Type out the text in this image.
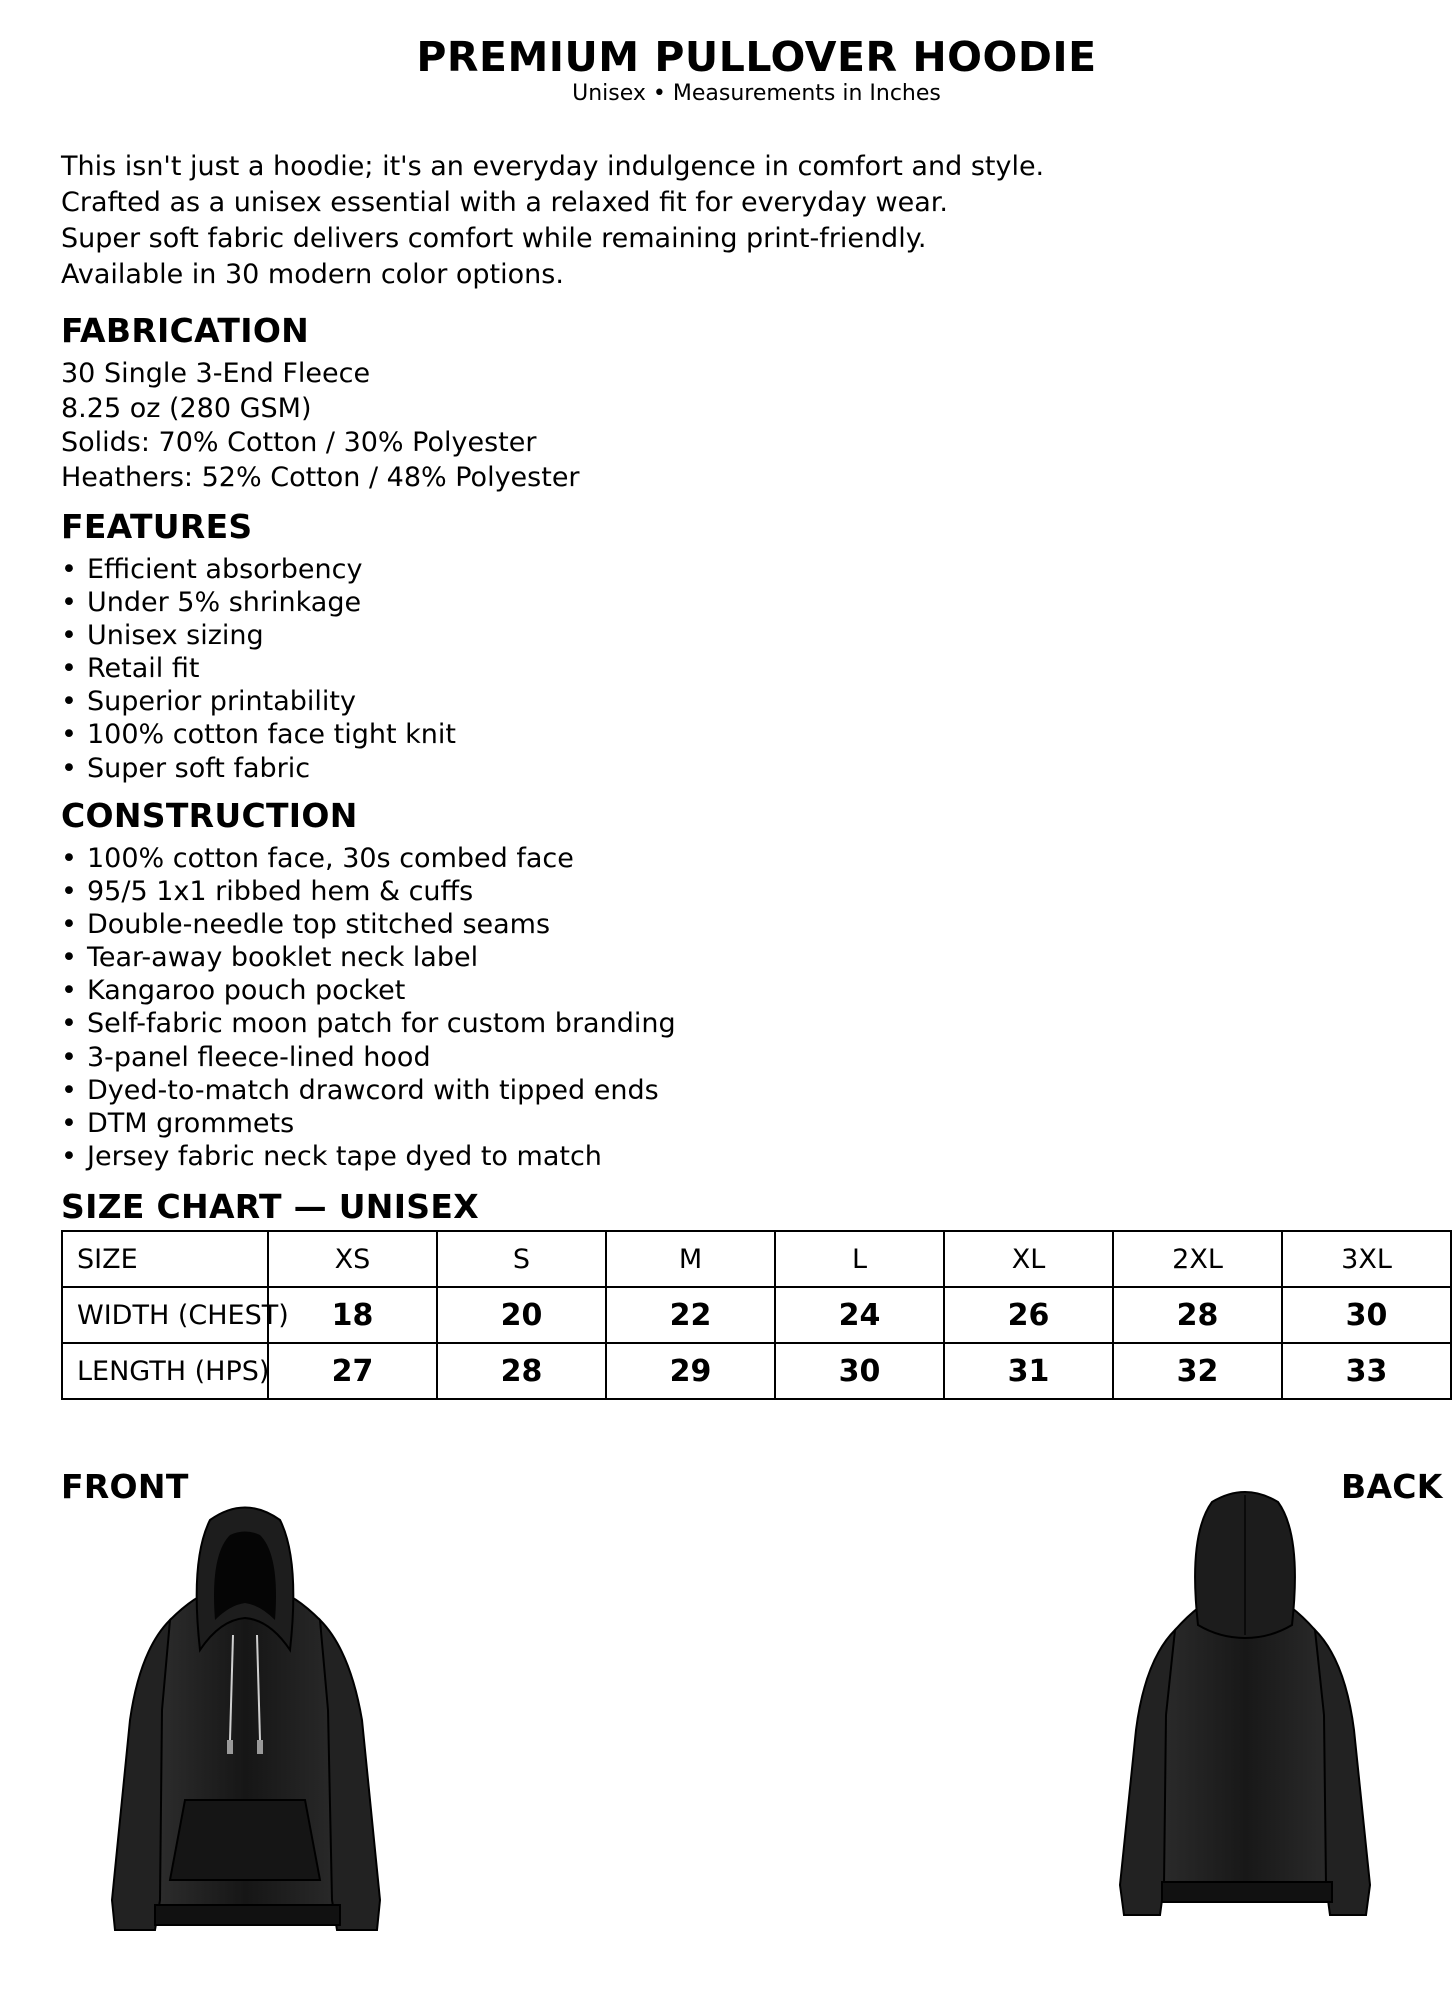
PREMIUM PULLOVER HOODIE
Unisex • Measurements in Inches
This isn't just a hoodie; it's an everyday indulgence in comfort and style.
Crafted as a unisex essential with a relaxed fit for everyday wear.
Super soft fabric delivers comfort while remaining print-friendly.
Available in 30 modern color options.
FABRICATION
30 Single 3-End Fleece
8.25 oz (280 GSM)
Solids: 70% Cotton / 30% Polyester
Heathers: 52% Cotton / 48% Polyester
FEATURES
• Efficient absorbency
• Under 5% shrinkage
• Unisex sizing
• Retail fit
• Superior printability
• 100% cotton face tight knit
• Super soft fabric
CONSTRUCTION
• 100% cotton face, 30s combed face
• 95/5 1x1 ribbed hem & cuffs
• Double-needle top stitched seams
• Tear-away booklet neck label
• Kangaroo pouch pocket
• Self-fabric moon patch for custom branding
• 3-panel fleece-lined hood
• Dyed-to-match drawcord with tipped ends
• DTM grommets
• Jersey fabric neck tape dyed to match
SIZE CHART — UNISEX
SIZE	XS	S	M	L	XL	2XL	3XL
WIDTH (CHEST)	18	20	22	24	26	28	30
LENGTH (HPS)	27	28	29	30	31	32	33
FRONT	BACK
